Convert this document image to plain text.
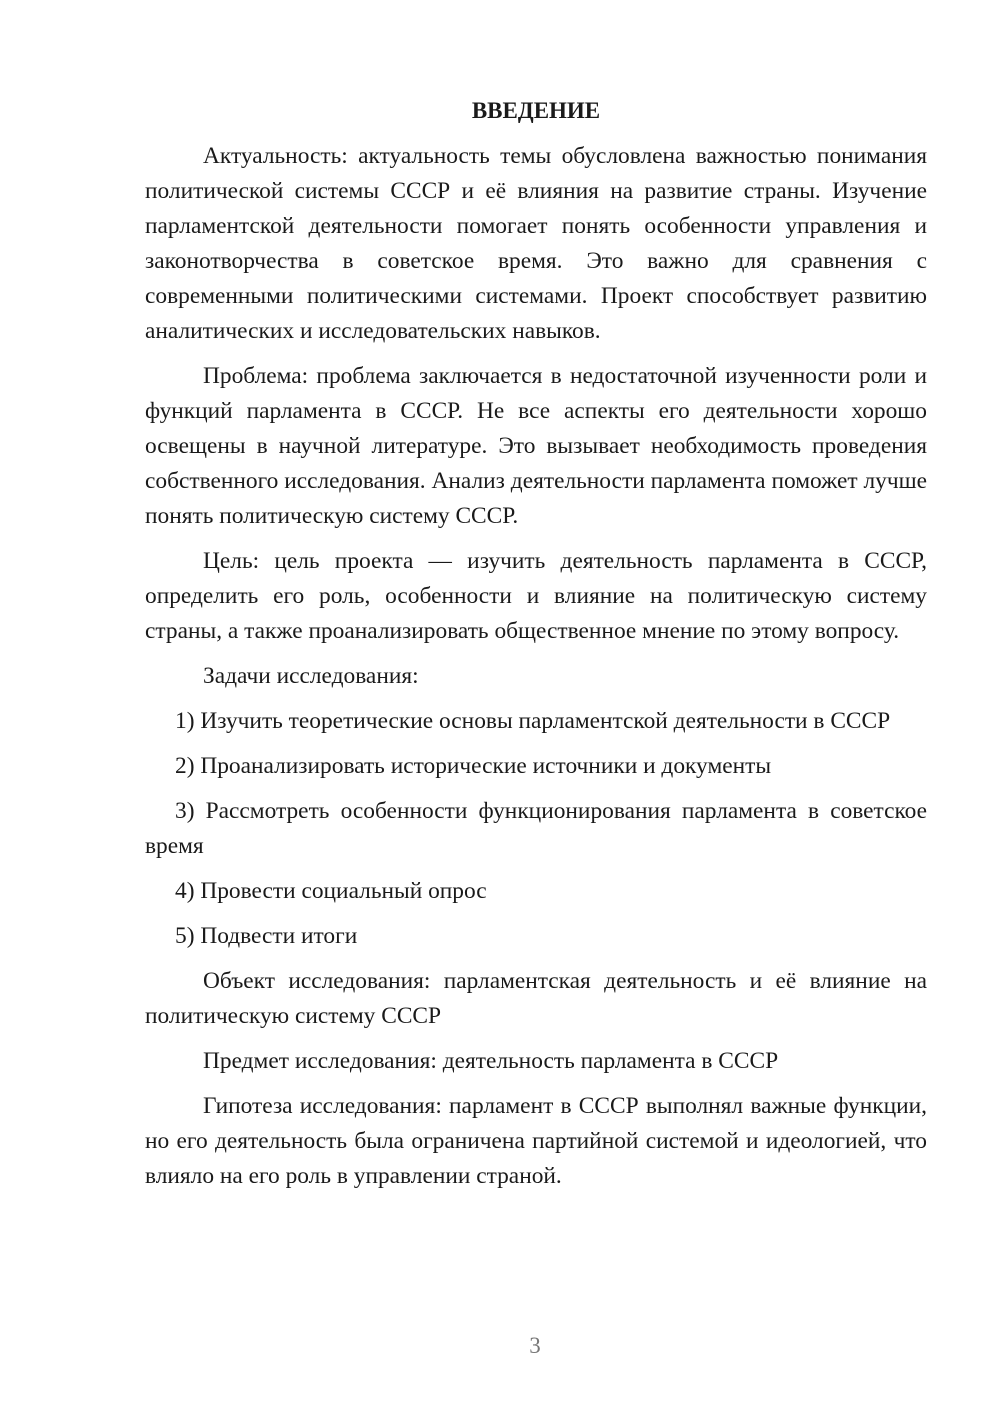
ВВЕДЕНИЕ

Актуальность: актуальность темы обусловлена важностью понимания политической системы СССР и её влияния на развитие страны. Изучение парламентской деятельности помогает понять особенности управления и законотворчества в советское время. Это важно для сравнения с современными политическими системами. Проект способствует развитию аналитических и исследовательских навыков.

Проблема: проблема заключается в недостаточной изученности роли и функций парламента в СССР. Не все аспекты его деятельности хорошо освещены в научной литературе. Это вызывает необходимость проведения собственного исследования. Анализ деятельности парламента поможет лучше понять политическую систему СССР.

Цель: цель проекта — изучить деятельность парламента в СССР, определить его роль, особенности и влияние на политическую систему страны, а также проанализировать общественное мнение по этому вопросу.

Задачи исследования:

1) Изучить теоретические основы парламентской деятельности в СССР

2) Проанализировать исторические источники и документы

3) Рассмотреть особенности функционирования парламента в советское время

4) Провести социальный опрос

5) Подвести итоги

Объект исследования: парламентская деятельность и её влияние на политическую систему СССР

Предмет исследования: деятельность парламента в СССР

Гипотеза исследования: парламент в СССР выполнял важные функции, но его деятельность была ограничена партийной системой и идеологией, что влияло на его роль в управлении страной.

3
